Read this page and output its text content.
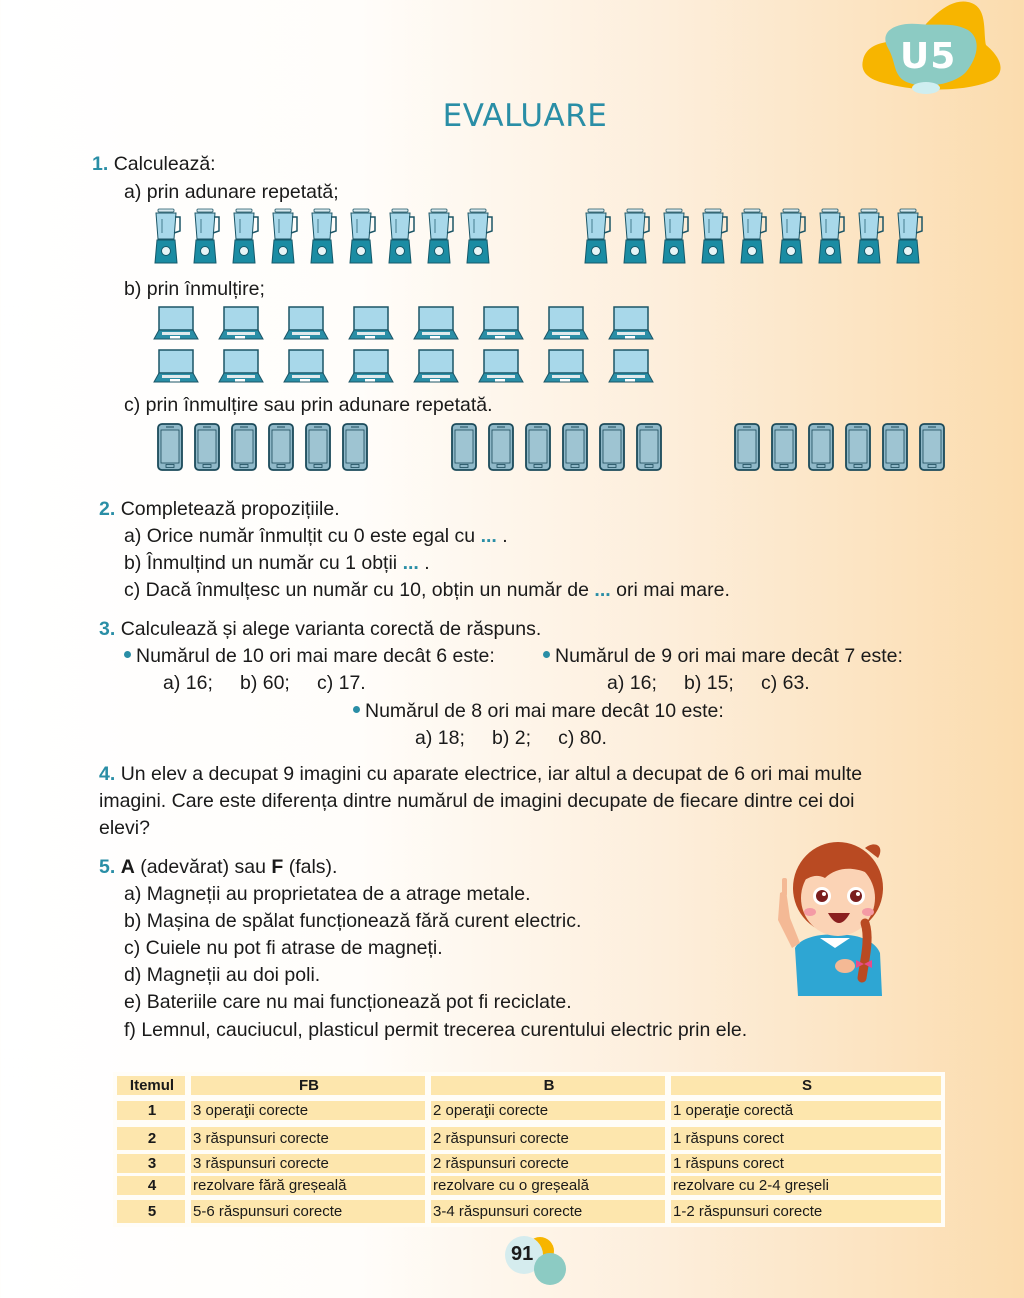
U5
EVALUARE
1. Calculează:
a) prin adunare repetată;
b) prin înmulțire;
c) prin înmulțire sau prin adunare repetată.
2. Completează propozițiile.
a) Orice număr înmulțit cu 0 este egal cu ... .
b) Înmulțind un număr cu 1 obții ... .
c) Dacă înmulțesc un număr cu 10, obțin un număr de ... ori mai mare.
3. Calculează și alege varianta corectă de răspuns.
Numărul de 10 ori mai mare decât 6 este:	Numărul de 9 ori mai mare decât 7 este:
a) 16; b) 60; c) 17.	a) 16; b) 15; c) 63.
Numărul de 8 ori mai mare decât 10 este:
a) 18; b) 2; c) 80.
4. Un elev a decupat 9 imagini cu aparate electrice, iar altul a decupat de 6 ori mai multe
imagini. Care este diferența dintre numărul de imagini decupate de fiecare dintre cei doi
elevi?
5. A (adevărat) sau F (fals).
a) Magneții au proprietatea de a atrage metale.
b) Mașina de spălat funcționează fără curent electric.
c) Cuiele nu pot fi atrase de magneți.
d) Magneții au doi poli.
e) Bateriile care nu mai funcționează pot fi reciclate.
f) Lemnul, cauciucul, plasticul permit trecerea curentului electric prin ele.
Itemul	FB	B	S
1	3 operaţii corecte	2 operaţii corecte	1 operaţie corectă
2	3 răspunsuri corecte	2 răspunsuri corecte	1 răspuns corect
3	3 răspunsuri corecte	2 răspunsuri corecte	1 răspuns corect
4	rezolvare fără greșeală	rezolvare cu o greșeală	rezolvare cu 2-4 greșeli
5	5-6 răspunsuri corecte	3-4 răspunsuri corecte	1-2 răspunsuri corecte
91
